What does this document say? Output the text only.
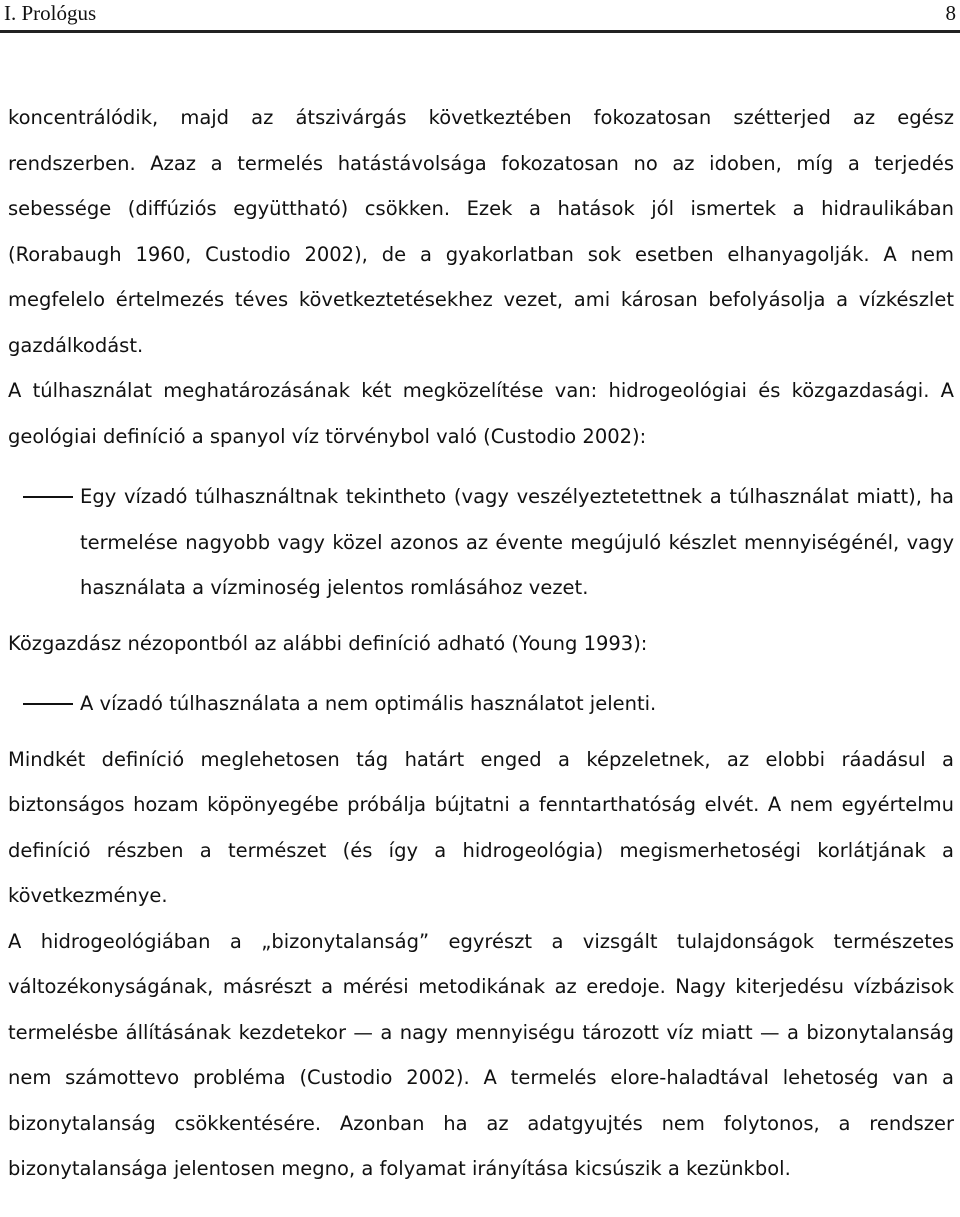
I. Prológus	8

koncentrálódik, majd az átszivárgás következtében fokozatosan szétterjed az egész rendszerben. Azaz a termelés hatástávolsága fokozatosan no az idoben, míg a terjedés sebessége (diffúziós együttható) csökken. Ezek a hatások jól ismertek a hidraulikában (Rorabaugh 1960, Custodio 2002), de a gyakorlatban sok esetben elhanyagolják. A nem megfelelo értelmezés téves következtetésekhez vezet, ami károsan befolyásolja a vízkészlet gazdálkodást.

A túlhasználat meghatározásának két megközelítése van: hidrogeológiai és közgazdasági. A geológiai definíció a spanyol víz törvénybol való (Custodio 2002):

Egy vízadó túlhasználtnak tekintheto (vagy veszélyeztetettnek a túlhasználat miatt), ha termelése nagyobb vagy közel azonos az évente megújuló készlet mennyiségénél, vagy használata a vízminoség jelentos romlásához vezet.

Közgazdász nézopontból az alábbi definíció adható (Young 1993):

A vízadó túlhasználata a nem optimális használatot jelenti.

Mindkét definíció meglehetosen tág határt enged a képzeletnek, az elobbi ráadásul a biztonságos hozam köpönyegébe próbálja bújtatni a fenntarthatóság elvét. A nem egyértelmu definíció részben a természet (és így a hidrogeológia) megismerhetoségi korlátjának a következménye.

A hidrogeológiában a „bizonytalanság” egyrészt a vizsgált tulajdonságok természetes változékonyságának, másrészt a mérési metodikának az eredoje. Nagy kiterjedésu vízbázisok termelésbe állításának kezdetekor — a nagy mennyiségu tározott víz miatt — a bizonytalanság nem számottevo probléma (Custodio 2002). A termelés elore-haladtával lehetoség van a bizonytalanság csökkentésére. Azonban ha az adatgyujtés nem folytonos, a rendszer bizonytalansága jelentosen megno, a folyamat irányítása kicsúszik a kezünkbol.
